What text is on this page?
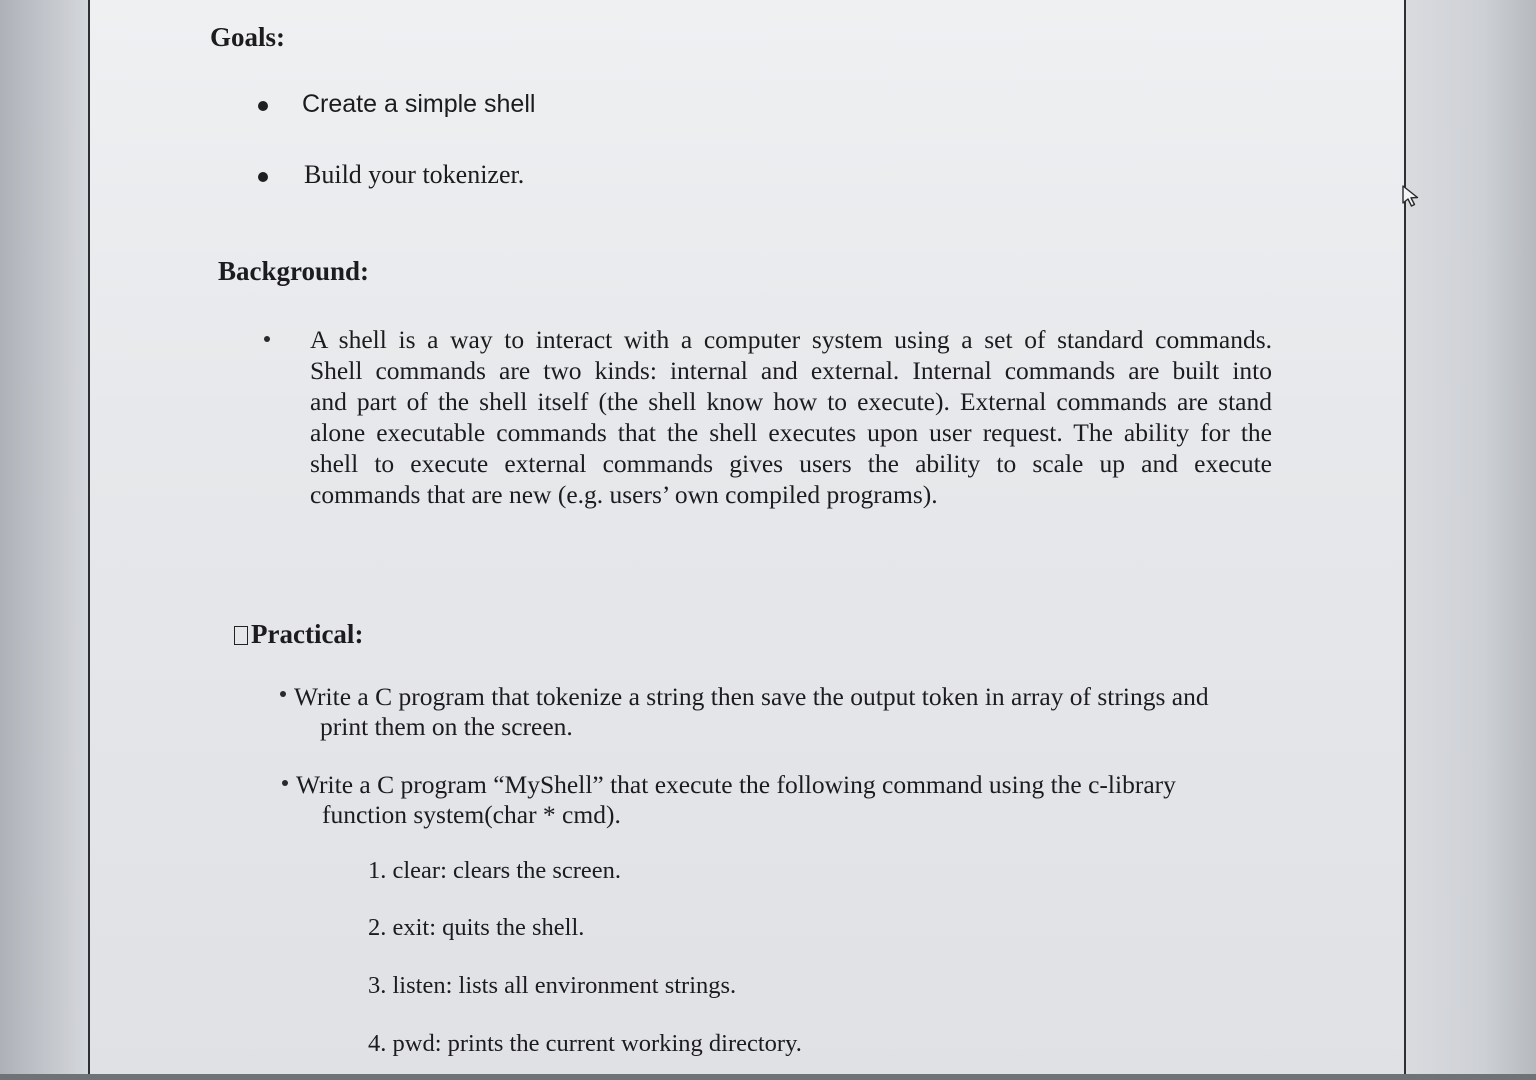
Goals:
Create a simple shell
Build your tokenizer.
Background:
A shell is a way to interact with a computer system using a set of standard commands.
Shell commands are two kinds: internal and external. Internal commands are built into
and part of the shell itself (the shell know how to execute). External commands are stand
alone executable commands that the shell executes upon user request. The ability for the
shell to execute external commands gives users the ability to scale up and execute
commands that are new (e.g. users’ own compiled programs).
Practical:
Write a C program that tokenize a string then save the output token in array of strings and
print them on the screen.
Write a C program “MyShell” that execute the following command using the c-library
function system(char * cmd).
1. clear: clears the screen.
2. exit: quits the shell.
3. listen: lists all environment strings.
4. pwd: prints the current working directory.
